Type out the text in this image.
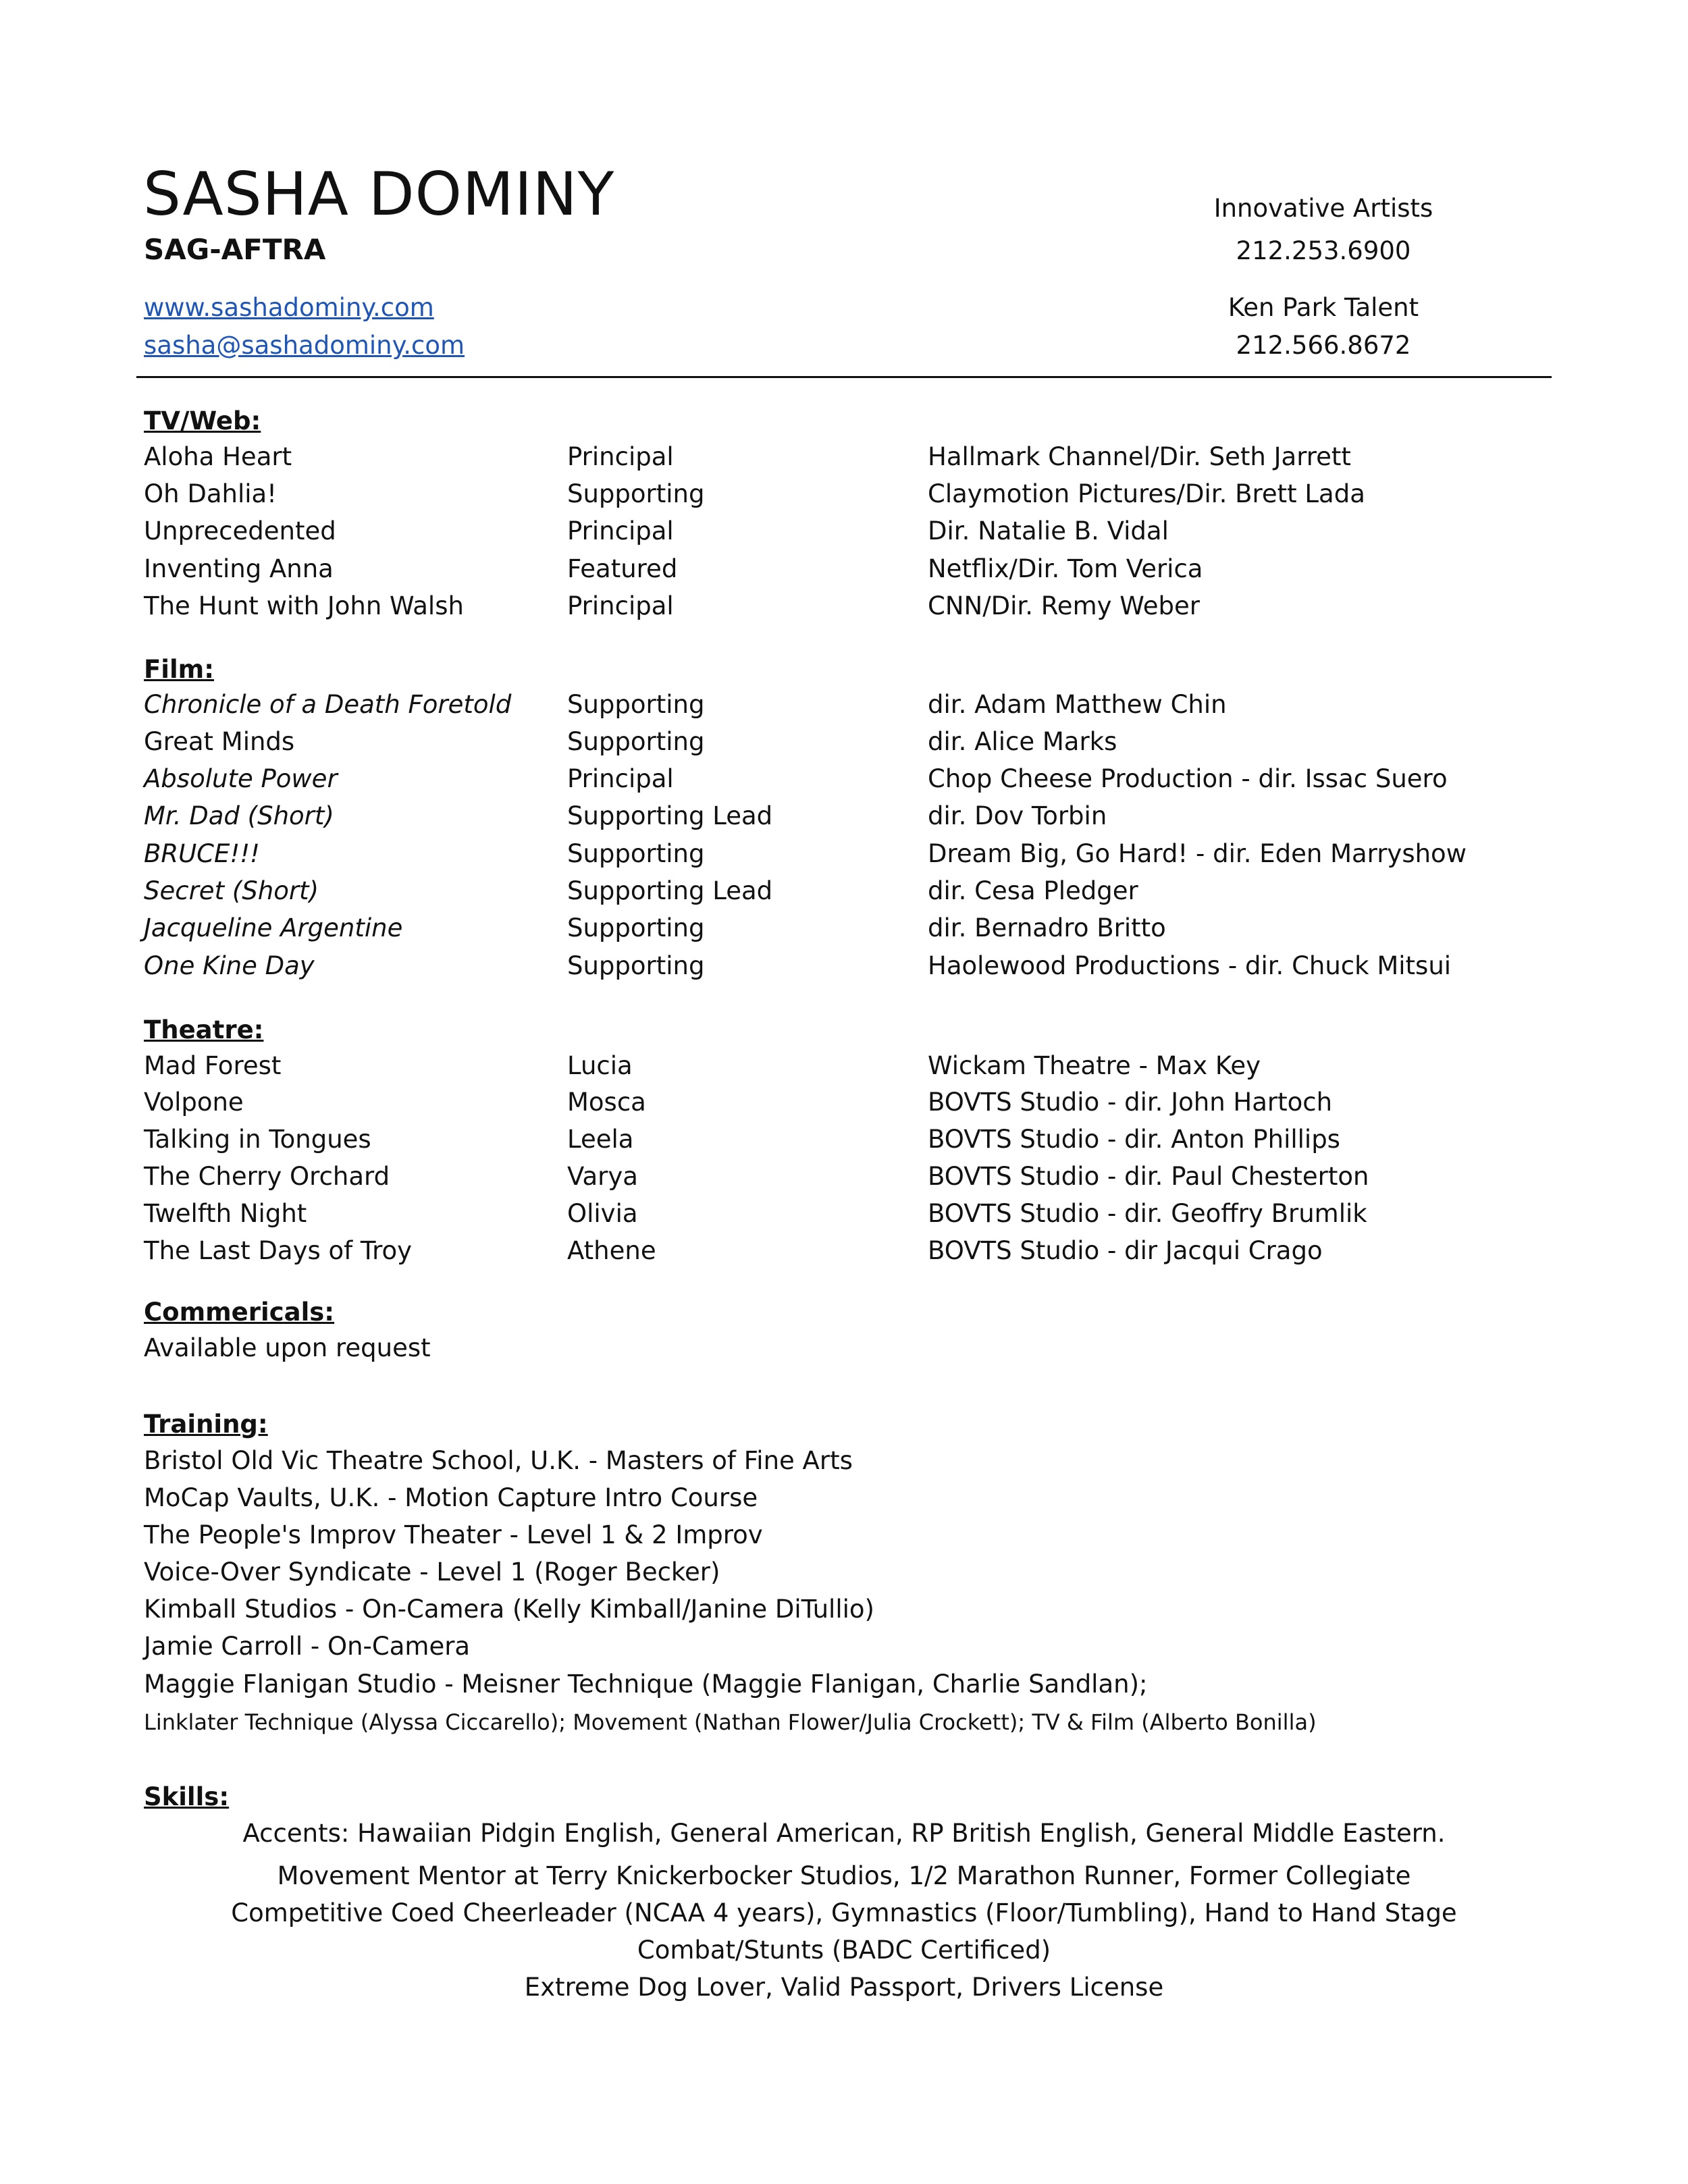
SASHA DOMINY
SAG-AFTRA
www.sashadominy.com
sasha@sashadominy.com
Innovative Artists
212.253.6900
Ken Park Talent
212.566.8672
TV/Web:
Aloha Heart	Principal	Hallmark Channel/Dir. Seth Jarrett
Oh Dahlia!	Supporting	Claymotion Pictures/Dir. Brett Lada
Unprecedented	Principal	Dir. Natalie B. Vidal
Inventing Anna	Featured	Netflix/Dir. Tom Verica
The Hunt with John Walsh	Principal	CNN/Dir. Remy Weber
Film:
Chronicle of a Death Foretold Supporting	dir. Adam Matthew Chin
Great Minds	Supporting	dir. Alice Marks
Absolute Power	Principal	Chop Cheese Production - dir. Issac Suero
Mr. Dad (Short)	Supporting Lead	dir. Dov Torbin
BRUCE!!!	Supporting	Dream Big, Go Hard! - dir. Eden Marryshow
Secret (Short)	Supporting Lead	dir. Cesa Pledger
Jacqueline Argentine	Supporting	dir. Bernadro Britto
One Kine Day	Supporting	Haolewood Productions - dir. Chuck Mitsui
Theatre:
Mad Forest	Lucia	Wickam Theatre - Max Key
Volpone	Mosca	BOVTS Studio - dir. John Hartoch
Talking in Tongues	Leela	BOVTS Studio - dir. Anton Phillips
The Cherry Orchard	Varya	BOVTS Studio - dir. Paul Chesterton
Twelfth Night	Olivia	BOVTS Studio - dir. Geoffry Brumlik
The Last Days of Troy	Athene	BOVTS Studio - dir Jacqui Crago
Commericals:
Available upon request
Training:
Bristol Old Vic Theatre School, U.K. - Masters of Fine Arts
MoCap Vaults, U.K. - Motion Capture Intro Course
The People's Improv Theater - Level 1 & 2 Improv
Voice-Over Syndicate - Level 1 (Roger Becker)
Kimball Studios - On-Camera (Kelly Kimball/Janine DiTullio)
Jamie Carroll - On-Camera
Maggie Flanigan Studio - Meisner Technique (Maggie Flanigan, Charlie Sandlan);
Linklater Technique (Alyssa Ciccarello); Movement (Nathan Flower/Julia Crockett); TV & Film (Alberto Bonilla)
Skills:
Accents: Hawaiian Pidgin English, General American, RP British English, General Middle Eastern.
Movement Mentor at Terry Knickerbocker Studios, 1/2 Marathon Runner, Former Collegiate
Competitive Coed Cheerleader (NCAA 4 years), Gymnastics (Floor/Tumbling), Hand to Hand Stage
Combat/Stunts (BADC Certificed)
Extreme Dog Lover, Valid Passport, Drivers License
